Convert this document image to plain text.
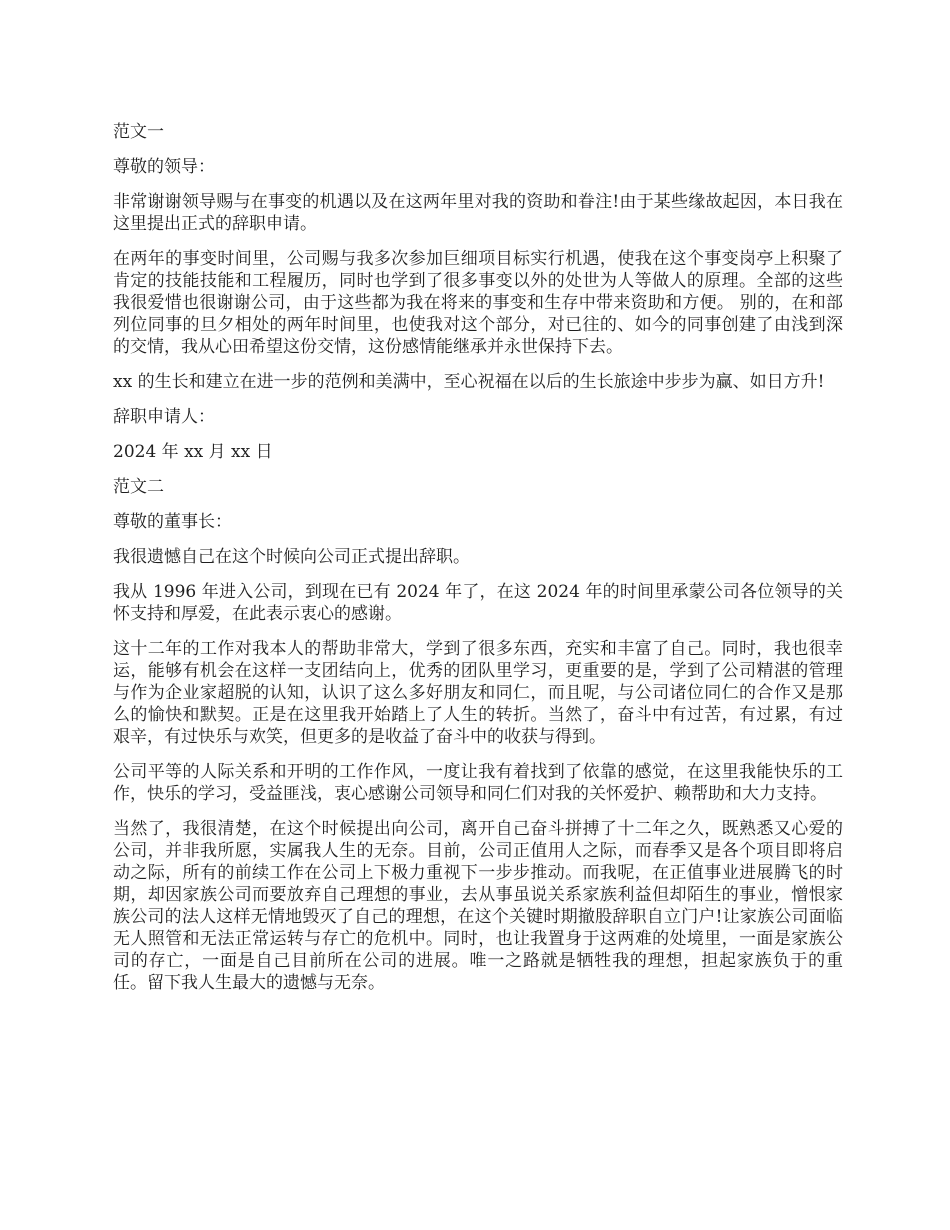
范文一

尊敬的领导：

非常谢谢领导赐与在事变的机遇以及在这两年里对我的资助和眷注!由于某些缘故起因，本日我在这里提出正式的辞职申请。

在两年的事变时间里，公司赐与我多次参加巨细项目标实行机遇，使我在这个事变岗亭上积聚了肯定的技能技能和工程履历，同时也学到了很多事变以外的处世为人等做人的原理。全部的这些我很爱惜也很谢谢公司，由于这些都为我在将来的事变和生存中带来资助和方便。 别的，在和部列位同事的旦夕相处的两年时间里，也使我对这个部分，对已往的、如今的同事创建了由浅到深的交情，我从心田希望这份交情，这份感情能继承并永世保持下去。

xx 的生长和建立在进一步的范例和美满中，至心祝福在以后的生长旅途中步步为赢、如日方升!

辞职申请人：

2024 年 xx 月 xx 日

范文二

尊敬的董事长：

我很遗憾自己在这个时候向公司正式提出辞职。

我从 1996 年进入公司，到现在已有 2024 年了，在这 2024 年的时间里承蒙公司各位领导的关怀支持和厚爱，在此表示衷心的感谢。

这十二年的工作对我本人的帮助非常大，学到了很多东西，充实和丰富了自己。同时，我也很幸运，能够有机会在这样一支团结向上，优秀的团队里学习，更重要的是，学到了公司精湛的管理与作为企业家超脱的认知，认识了这么多好朋友和同仁，而且呢，与公司诸位同仁的合作又是那么的愉快和默契。正是在这里我开始踏上了人生的转折。当然了，奋斗中有过苦，有过累，有过艰辛，有过快乐与欢笑，但更多的是收益了奋斗中的收获与得到。

公司平等的人际关系和开明的工作作风，一度让我有着找到了依靠的感觉，在这里我能快乐的工作，快乐的学习，受益匪浅，衷心感谢公司领导和同仁们对我的关怀爱护、赖帮助和大力支持。

当然了，我很清楚，在这个时候提出向公司，离开自己奋斗拼搏了十二年之久，既熟悉又心爱的公司，并非我所愿，实属我人生的无奈。目前，公司正值用人之际，而春季又是各个项目即将启动之际，所有的前续工作在公司上下极力重视下一步步推动。而我呢，在正值事业进展腾飞的时期，却因家族公司而要放弃自己理想的事业，去从事虽说关系家族利益但却陌生的事业，憎恨家族公司的法人这样无情地毁灭了自己的理想，在这个关键时期撤股辞职自立门户!让家族公司面临无人照管和无法正常运转与存亡的危机中。同时，也让我置身于这两难的处境里，一面是家族公司的存亡，一面是自己目前所在公司的进展。唯一之路就是牺牲我的理想，担起家族负于的重任。留下我人生最大的遗憾与无奈。
